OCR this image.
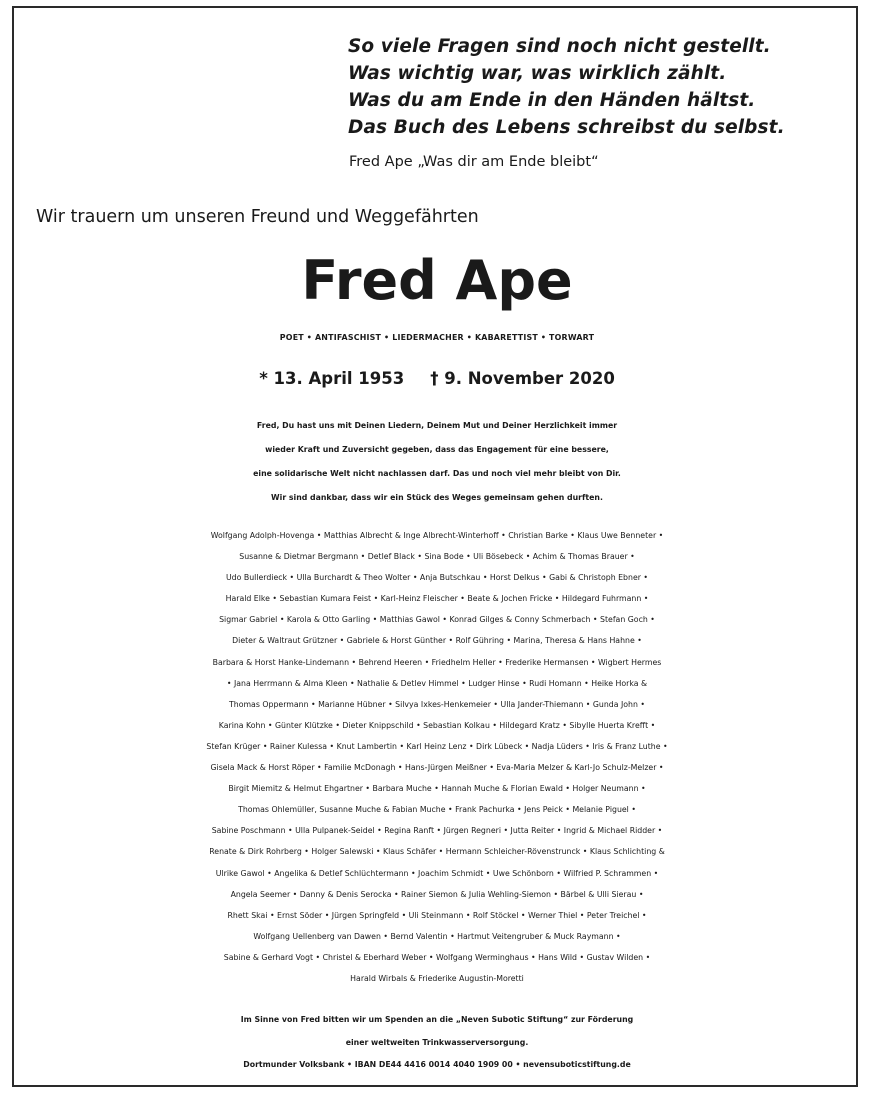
So viele Fragen sind noch nicht gestellt.
Was wichtig war, was wirklich zählt.
Was du am Ende in den Händen hältst.
Das Buch des Lebens schreibst du selbst.
Fred Ape „Was dir am Ende bleibt“
Wir trauern um unseren Freund und Weggefährten
Fred Ape
POET • ANTIFASCHIST • LIEDERMACHER • KABARETTIST • TORWART
* 13. April 1953 † 9. November 2020
Fred, Du hast uns mit Deinen Liedern, Deinem Mut und Deiner Herzlichkeit immer
wieder Kraft und Zuversicht gegeben, dass das Engagement für eine bessere,
eine solidarische Welt nicht nachlassen darf. Das und noch viel mehr bleibt von Dir.
Wir sind dankbar, dass wir ein Stück des Weges gemeinsam gehen durften.
Wolfgang Adolph-Hovenga • Matthias Albrecht & Inge Albrecht-Winterhoff • Christian Barke • Klaus Uwe Benneter •
Susanne & Dietmar Bergmann • Detlef Black • Sina Bode • Uli Bösebeck • Achim & Thomas Brauer •
Udo Bullerdieck • Ulla Burchardt & Theo Wolter • Anja Butschkau • Horst Delkus • Gabi & Christoph Ebner •
Harald Elke • Sebastian Kumara Feist • Karl-Heinz Fleischer • Beate & Jochen Fricke • Hildegard Fuhrmann •
Sigmar Gabriel • Karola & Otto Garling • Matthias Gawol • Konrad Gilges & Conny Schmerbach • Stefan Goch •
Dieter & Waltraut Grützner • Gabriele & Horst Günther • Rolf Gühring • Marina, Theresa & Hans Hahne •
Barbara & Horst Hanke-Lindemann • Behrend Heeren • Friedhelm Heller • Frederike Hermansen • Wigbert Hermes
• Jana Herrmann & Alma Kleen • Nathalie & Detlev Himmel • Ludger Hinse • Rudi Homann • Heike Horka &
Thomas Oppermann • Marianne Hübner • Silvya Ixkes-Henkemeier • Ulla Jander-Thiemann • Gunda John •
Karina Kohn • Günter Klützke • Dieter Knippschild • Sebastian Kolkau • Hildegard Kratz • Sibylle Huerta Krefft •
Stefan Krüger • Rainer Kulessa • Knut Lambertin • Karl Heinz Lenz • Dirk Lübeck • Nadja Lüders • Iris & Franz Luthe •
Gisela Mack & Horst Röper • Familie McDonagh • Hans-Jürgen Meißner • Eva-Maria Melzer & Karl-Jo Schulz-Melzer •
Birgit Miemitz & Helmut Ehgartner • Barbara Muche • Hannah Muche & Florian Ewald • Holger Neumann •
Thomas Ohlemüller, Susanne Muche & Fabian Muche • Frank Pachurka • Jens Peick • Melanie Piguel •
Sabine Poschmann • Ulla Pulpanek-Seidel • Regina Ranft • Jürgen Regneri • Jutta Reiter • Ingrid & Michael Ridder •
Renate & Dirk Rohrberg • Holger Salewski • Klaus Schäfer • Hermann Schleicher-Rövenstrunck • Klaus Schlichting &
Ulrike Gawol • Angelika & Detlef Schlüchtermann • Joachim Schmidt • Uwe Schönborn • Wilfried P. Schrammen •
Angela Seemer • Danny & Denis Serocka • Rainer Siemon & Julia Wehling-Siemon • Bärbel & Ulli Sierau •
Rhett Skai • Ernst Söder • Jürgen Springfeld • Uli Steinmann • Rolf Stöckel • Werner Thiel • Peter Treichel •
Wolfgang Uellenberg van Dawen • Bernd Valentin • Hartmut Veitengruber & Muck Raymann •
Sabine & Gerhard Vogt • Christel & Eberhard Weber • Wolfgang Werminghaus • Hans Wild • Gustav Wilden •
Harald Wirbals & Friederike Augustin-Moretti
Im Sinne von Fred bitten wir um Spenden an die „Neven Subotic Stiftung“ zur Förderung
einer weltweiten Trinkwasserversorgung.
Dortmunder Volksbank • IBAN DE44 4416 0014 4040 1909 00 • nevensuboticstiftung.de
